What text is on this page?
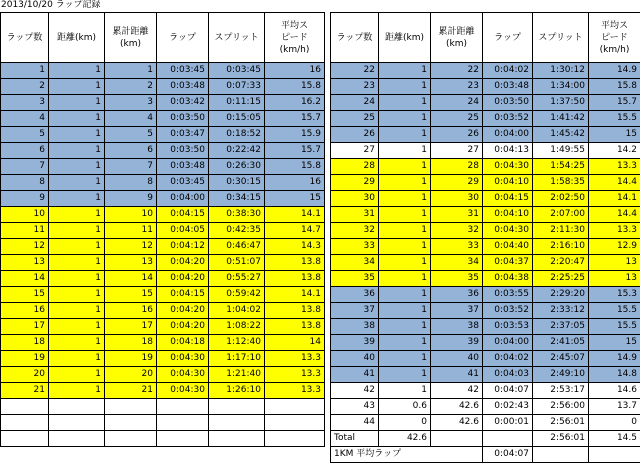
2013/10/20 ラップ記録
ラップ数	距離(km)	累計距離
(km)	ラップ	スプリット	平均ス
ピード
(km/h)
1	1	1	0:03:45	0:03:45	16
2	1	2	0:03:48	0:07:33	15.8
3	1	3	0:03:42	0:11:15	16.2
4	1	4	0:03:50	0:15:05	15.7
5	1	5	0:03:47	0:18:52	15.9
6	1	6	0:03:50	0:22:42	15.7
7	1	7	0:03:48	0:26:30	15.8
8	1	8	0:03:45	0:30:15	16
9	1	9	0:04:00	0:34:15	15
10	1	10	0:04:15	0:38:30	14.1
11	1	11	0:04:05	0:42:35	14.7
12	1	12	0:04:12	0:46:47	14.3
13	1	13	0:04:20	0:51:07	13.8
14	1	14	0:04:20	0:55:27	13.8
15	1	15	0:04:15	0:59:42	14.1
16	1	16	0:04:20	1:04:02	13.8
17	1	17	0:04:20	1:08:22	13.8
18	1	18	0:04:18	1:12:40	14
19	1	19	0:04:30	1:17:10	13.3
20	1	20	0:04:30	1:21:40	13.3
21	1	21	0:04:30	1:26:10	13.3

ラップ数	距離(km)	累計距離
(km)	ラップ	スプリット	平均ス
ピード
(km/h)
22	1	22	0:04:02	1:30:12	14.9
23	1	23	0:03:48	1:34:00	15.8
24	1	24	0:03:50	1:37:50	15.7
25	1	25	0:03:52	1:41:42	15.5
26	1	26	0:04:00	1:45:42	15
27	1	27	0:04:13	1:49:55	14.2
28	1	28	0:04:30	1:54:25	13.3
29	1	29	0:04:10	1:58:35	14.4
30	1	30	0:04:15	2:02:50	14.1
31	1	31	0:04:10	2:07:00	14.4
32	1	32	0:04:30	2:11:30	13.3
33	1	33	0:04:40	2:16:10	12.9
34	1	34	0:04:37	2:20:47	13
35	1	35	0:04:38	2:25:25	13
36	1	36	0:03:55	2:29:20	15.3
37	1	37	0:03:52	2:33:12	15.5
38	1	38	0:03:53	2:37:05	15.5
39	1	39	0:04:00	2:41:05	15
40	1	40	0:04:02	2:45:07	14.9
41	1	41	0:04:03	2:49:10	14.8
42	1	42	0:04:07	2:53:17	14.6
43	0.6	42.6	0:02:43	2:56:00	13.7
44	0	42.6	0:00:01	2:56:01	0
Total	42.6			2:56:01	14.5
1KM 平均ラップ			0:04:07		
